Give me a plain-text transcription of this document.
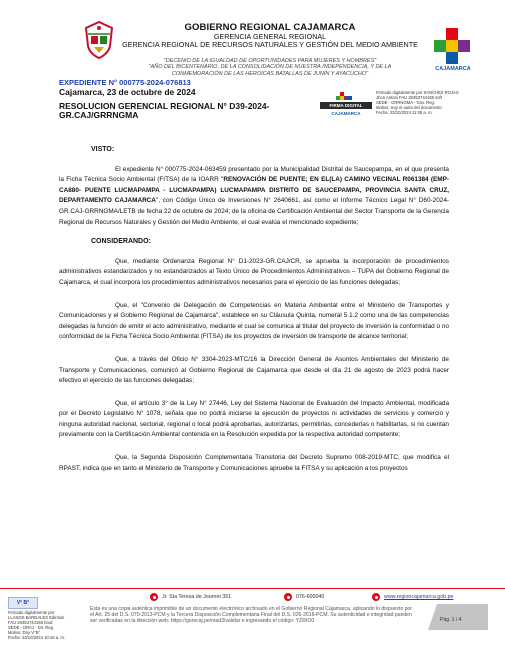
GOBIERNO REGIONAL CAJAMARCA
GERENCIA GENERAL REGIONAL
GERENCIA REGIONAL DE RECURSOS NATURALES Y GESTIÓN DEL MEDIO AMBIENTE
CAJAMARCA
"DECENIO DE LA IGUALDAD DE OPORTUNIDADES PARA MUJERES Y HOMBRES"
"AÑO DEL BICENTENARIO, DE LA CONSOLIDACIÓN DE NUESTRA INDEPENDENCIA, Y DE LA CONMEMORACIÓN DE LAS HEROICAS BATALLAS DE JUNÍN Y AYACUCHO"
EXPEDIENTE N° 000775-2024-076813
Cajamarca, 23 de octubre de 2024
RESOLUCION GERENCIAL REGIONAL N° D39-2024-GR.CAJ/GRRNGMA
FIRMA DIGITAL
CAJAMARCA
Firmado digitalmente por SANCHEZ ROJAS
Jhon Antoni FAU 20453744168 soft
SEDE - GRRNGMA - Gov. Reg.
Motivo: Soy el autor del documento
Fecha: 23/10/2024 11:06 a. m.
VISTO:

El expediente N° 000775-2024-063459 presentado por la Municipalidad Distrital de Saucepampa, en el que presenta la Ficha Técnica Socio Ambiental (FITSA) de la IOARR "RENOVACIÓN DE PUENTE; EN EL(LA) CAMINO VECINAL R061384 (EMP- CA880- PUENTE LUCMAPAMPA - LUCMAPAMPA) LUCMAPAMPA DISTRITO DE SAUCEPAMPA, PROVINCIA SANTA CRUZ, DEPARTAMENTO CAJAMARCA", con Código Único de Inversiones N° 2640661, así como el Informe Técnico Legal N° D60-2024-GR.CAJ-GRRNGMA/LETB de fecha 22 de octubre de 2024; de la oficina de Certificación Ambiental del Sector Transporte de la Gerencia Regional de Recursos Naturales y Gestión del Medio Ambiente, el cual evalúa el mencionado expediente;

CONSIDERANDO:

Que, mediante Ordenanza Regional N° D1-2023-GR.CAJ/CR, se aprueba la incorporación de procedimientos administrativos estandarizados y no estandarizados al Texto Único de Procedimientos Administrativos – TUPA del Gobierno Regional de Cajamarca, el cual incorpora los procedimientos administrativos necesarios para el ejercicio de las funciones delegadas;

Que, el "Convenio de Delegación de Competencias en Materia Ambiental entre el Ministerio de Transportes y Comunicaciones y el Gobierno Regional de Cajamarca", establece en su Cláusula Quinta, numeral 5.1.2 como una de las competencias delegadas la función de emitir el acto administrativo, mediante el cual se comunica al titular del proyecto de inversión la conformidad o no conformidad de la Ficha Técnica Socio Ambiental (FITSA) de los proyectos de inversión de transporte de alcance territorial;

Que, a través del Oficio N° 3304-2023-MTC/16 la Dirección General de Asuntos Ambientales del Ministerio de Transporte y Comunicaciones, comunicó al Gobierno Regional de Cajamarca que desde el día 21 de agosto de 2023 podrá hacer efectivo el ejercicio de las funciones delegadas;

Que, el artículo 3° de la Ley N° 27446, Ley del Sistema Nacional de Evaluación del Impacto Ambiental, modificada por el Decreto Legislativo N° 1078, señala que no podrá iniciarse la ejecución de proyectos ni actividades de servicios y comercio y ninguna autoridad nacional, sectorial, regional o local podrá aprobarlas, autorizarlas, permitirlas, concederlas o habilitarlas, si no cuentan previamente con la Certificación Ambiental contenida en la Resolución expedida por la respectiva autoridad competente;

Que, la Segunda Disposición Complementaria Transitoria del Decreto Supremo 008-2019-MTC, que modifica el RPAST, indica que en tanto el Ministerio de Transporte y Comunicaciones apruebe la FITSA y su aplicación a los proyectos

Jr. Sta Teresa de Journet 351	076-600040	www.regioncajamarca.gob.pe
V° B°
Firmado digitalmente por
LLANOS BARDALES Edinsón
FAU 20453744168 hard
SEDE - DRAJ - Dir. Reg.
Motivo: Doy V°B°
Fecha: 23/10/2024 10:16 a. m.
Esta es una copia auténtica imprimible de un documento electrónico archivado en el Gobierno Regional Cajamarca, aplicando lo dispuesto por el Art. 25 del D.S. 070-2013-PCM y la Tercera Disposición Complementaria Final del D.S. 026-2016-PCM. Su autenticidad e integridad pueden ser verificadas en la dirección web: https://gorecaj.pe/mad3/validar e ingresando el código: YZRIO0	Pág. 1 / 4
